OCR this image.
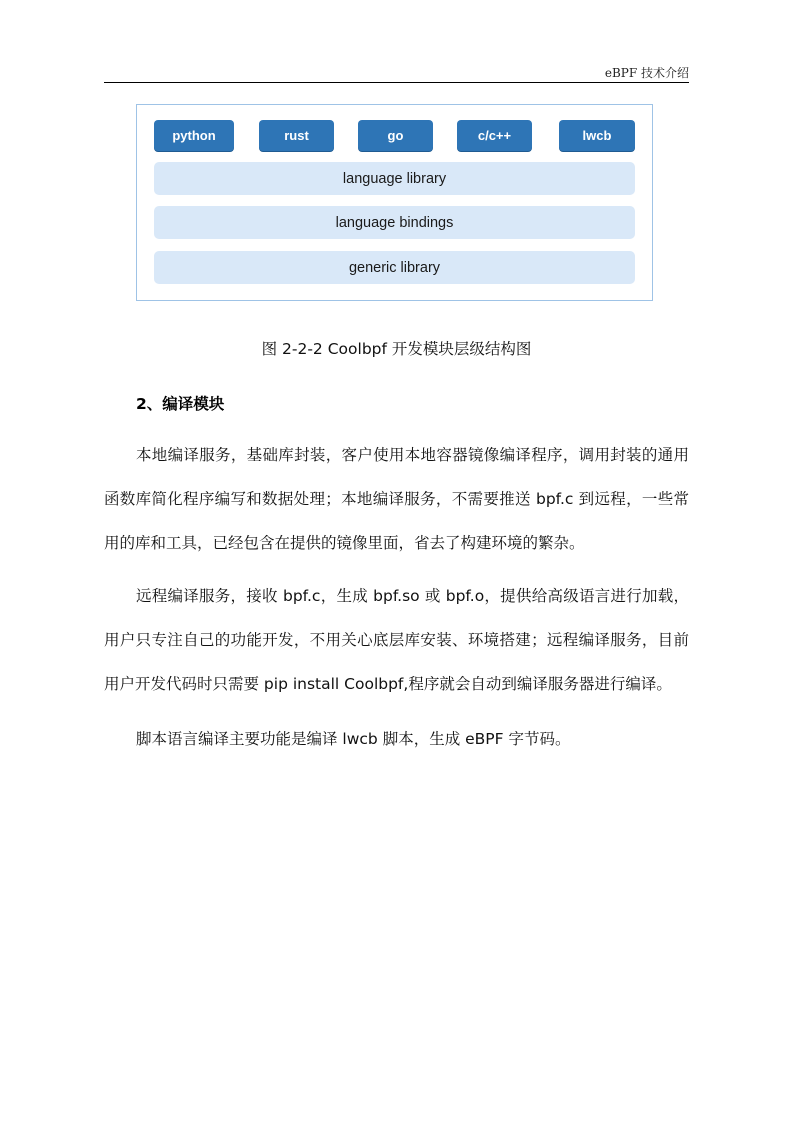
eBPF 技术介绍
python	rust	go	c/c++	lwcb
language library
language bindings
generic library
图 2-2-2 Coolbpf 开发模块层级结构图
2、编译模块

本地编译服务，基础库封装，客户使用本地容器镜像编译程序，调用封装的通用函数库简化程序编写和数据处理；本地编译服务，不需要推送 bpf.c 到远程，一些常用的库和工具，已经包含在提供的镜像里面，省去了构建环境的繁杂。

远程编译服务，接收 bpf.c，生成 bpf.so 或 bpf.o，提供给高级语言进行加载，用户只专注自己的功能开发，不用关心底层库安装、环境搭建；远程编译服务，目前用户开发代码时只需要 pip install Coolbpf,程序就会自动到编译服务器进行编译。

脚本语言编译主要功能是编译 lwcb 脚本，生成 eBPF 字节码。
